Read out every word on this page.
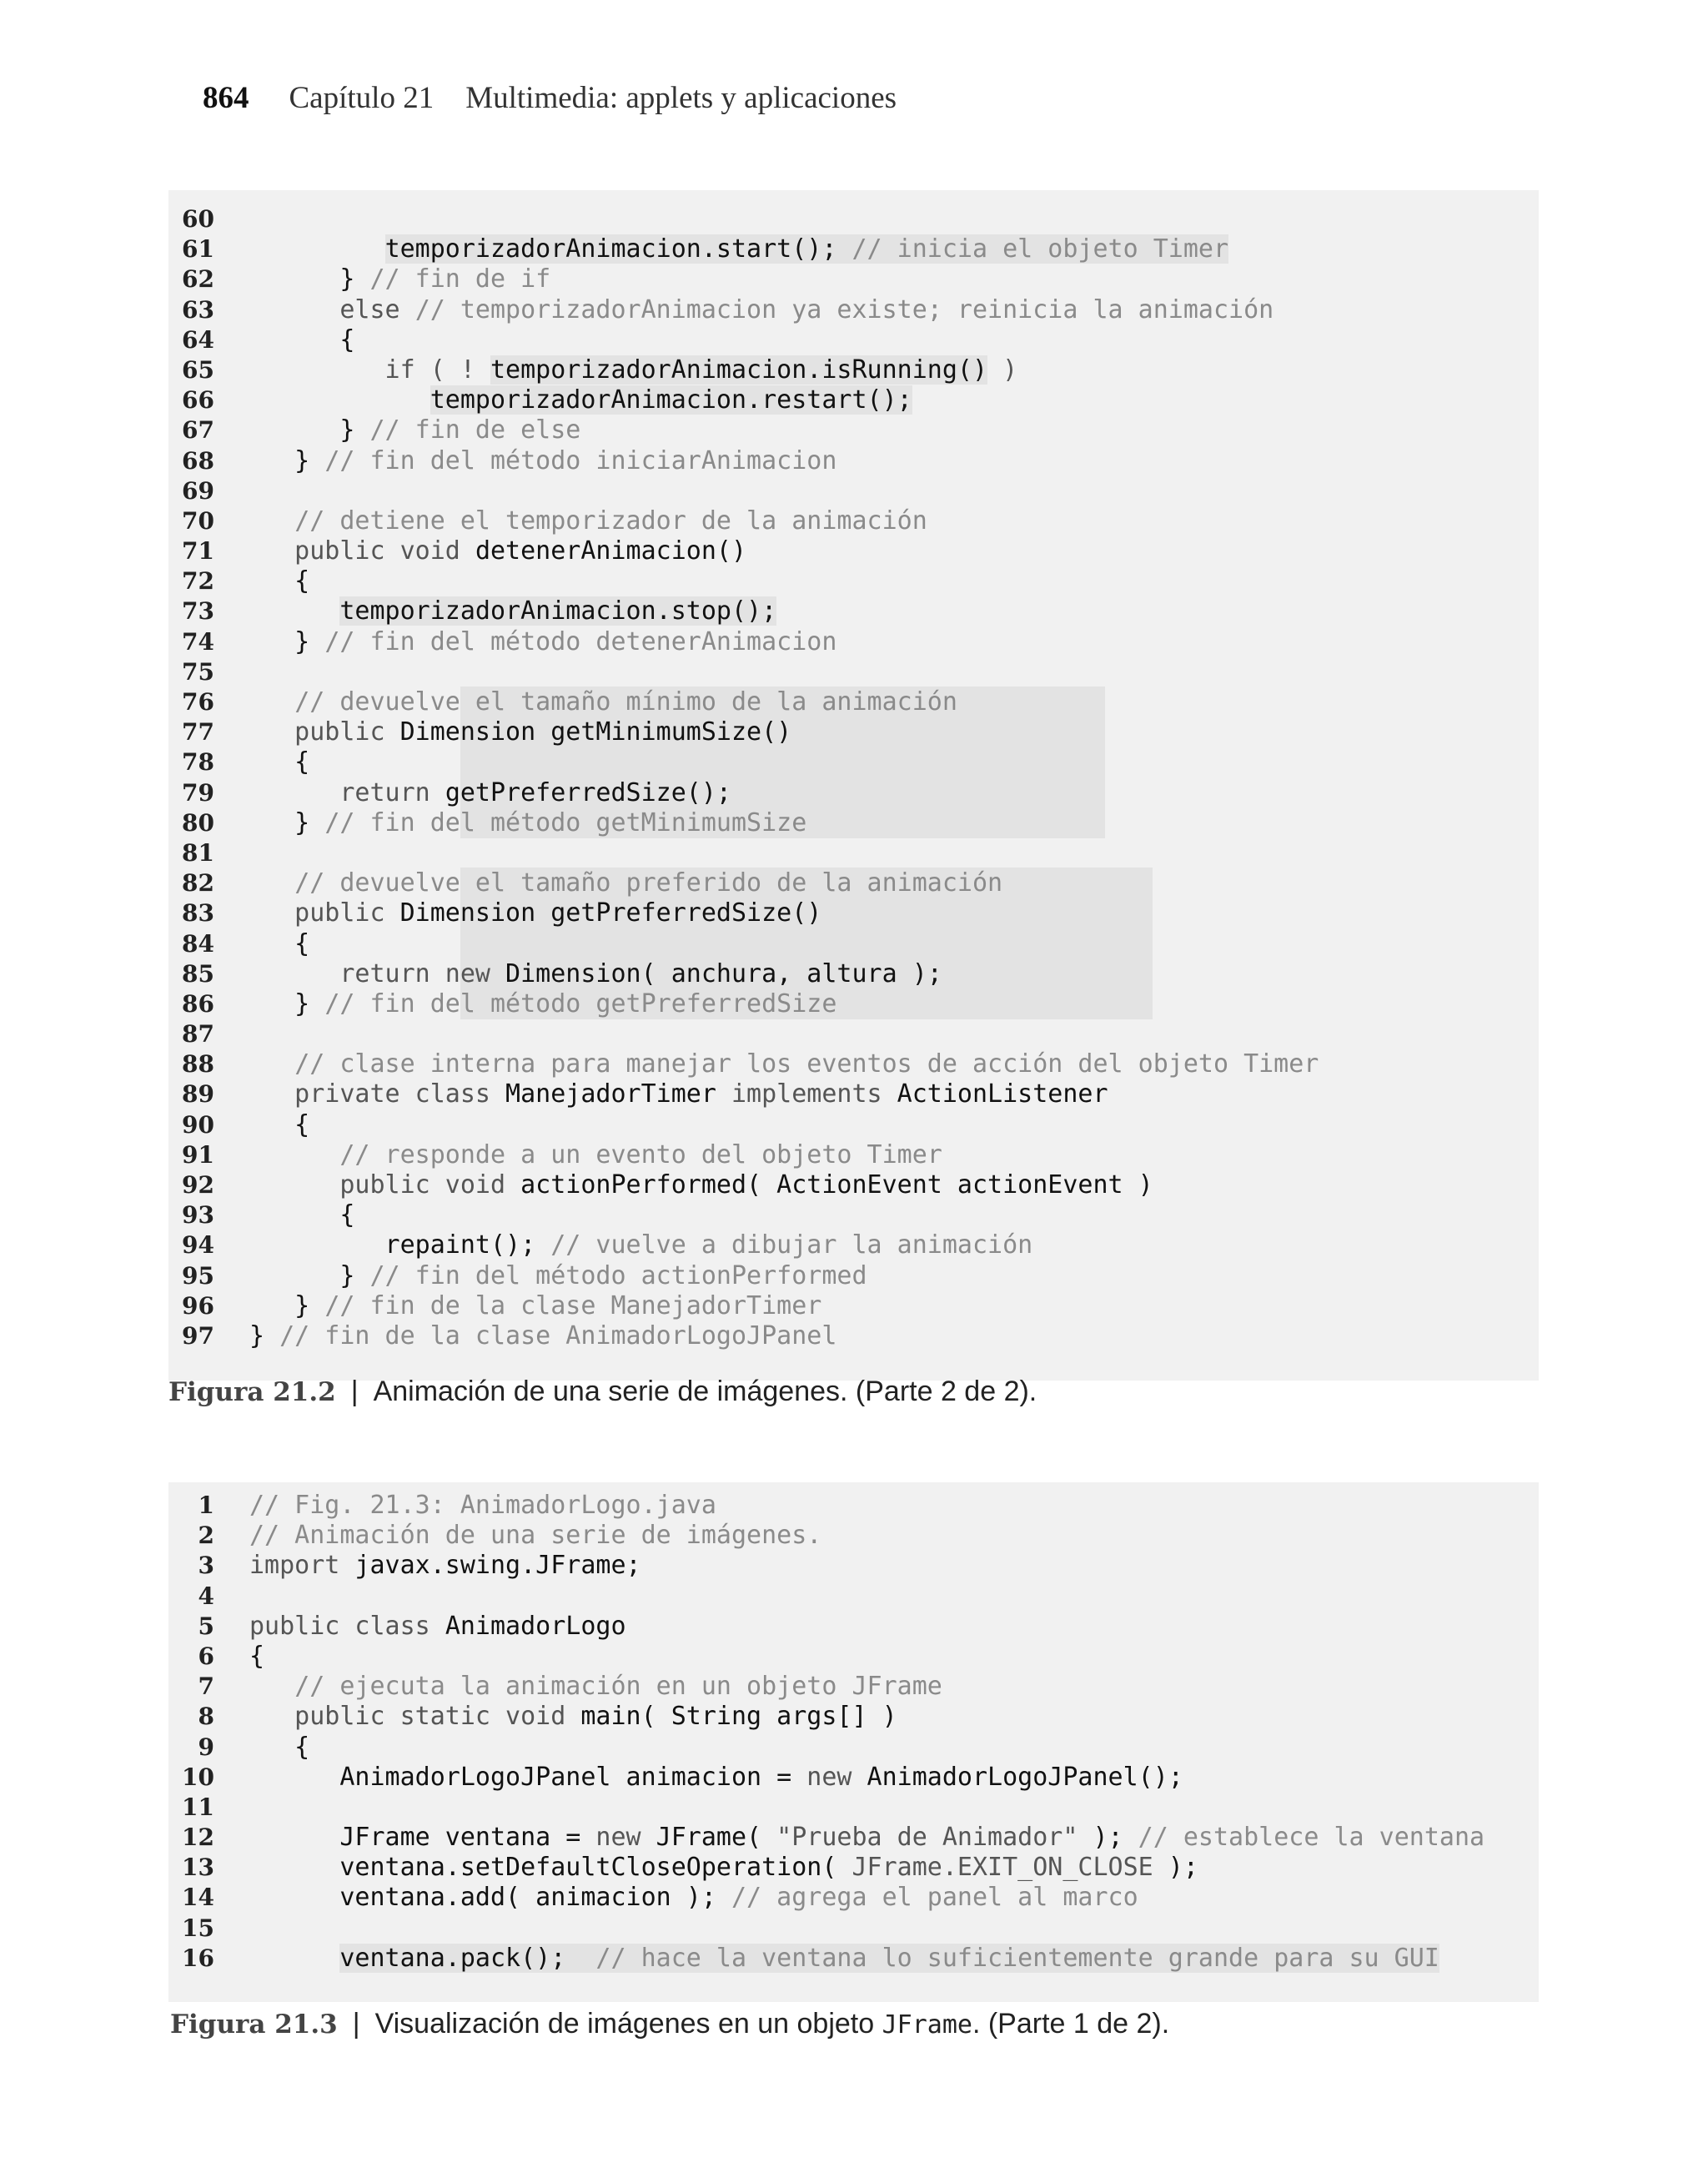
864 Capítulo 21 Multimedia: applets y aplicaciones
60
61	temporizadorAnimacion.start(); // inicia el objeto Timer
62 } // fin de if
63 else // temporizadorAnimacion ya existe; reinicia la animación
64 {
65 if ( ! temporizadorAnimacion.isRunning() )
66	temporizadorAnimacion.restart();
67 } // fin de else
68 } // fin del método iniciarAnimacion
69
70	// detiene el temporizador de la animación
71 public void detenerAnimacion()
72 {
73	temporizadorAnimacion.stop();
74 } // fin del método detenerAnimacion
75
76	// devuelve el tamaño mínimo de la animación
77 public Dimension getMinimumSize()
78 {
79 return getPreferredSize();
80 } // fin del método getMinimumSize
81
82	// devuelve el tamaño preferido de la animación
83 public Dimension getPreferredSize()
84 {
85 return new Dimension( anchura, altura );
86 } // fin del método getPreferredSize
87
88	// clase interna para manejar los eventos de acción del objeto Timer
89 private class ManejadorTimer implements ActionListener
90 {
91	// responde a un evento del objeto Timer
92 public void actionPerformed( ActionEvent actionEvent )
93 {
94 repaint(); // vuelve a dibujar la animación
95 } // fin del método actionPerformed
96 } // fin de la clase ManejadorTimer
97 } // fin de la clase AnimadorLogoJPanel
Figura 21.2 | Animación de una serie de imágenes. (Parte 2 de 2).
1 // Fig. 21.3: AnimadorLogo.java
2 // Animación de una serie de imágenes.
3 import javax.swing.JFrame;
4
5 public class AnimadorLogo
6 {
7	// ejecuta la animación en un objeto JFrame
8 public static void main( String args[] )
9 {
10 AnimadorLogoJPanel animacion = new AnimadorLogoJPanel();
11
12 JFrame ventana = new JFrame( "Prueba de Animador" ); // establece la ventana
13 ventana.setDefaultCloseOperation( JFrame.EXIT_ON_CLOSE );
14 ventana.add( animacion ); // agrega el panel al marco
15
16	ventana.pack();  // hace la ventana lo suficientemente grande para su GUI
Figura 21.3 | Visualización de imágenes en un objeto JFrame. (Parte 1 de 2).
